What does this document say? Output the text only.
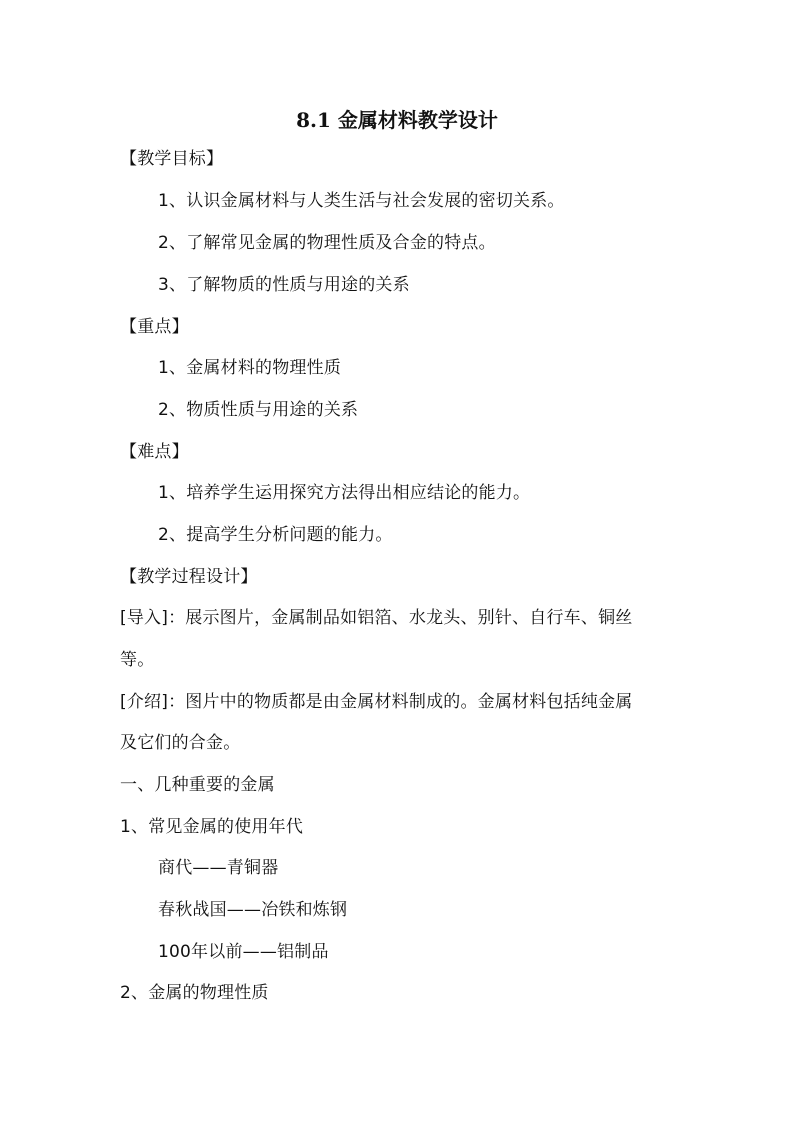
8.1 金属材料教学设计
【教学目标】
1、认识金属材料与人类生活与社会发展的密切关系。
2、了解常见金属的物理性质及合金的特点。
3、了解物质的性质与用途的关系
【重点】
1、金属材料的物理性质
2、物质性质与用途的关系
【难点】
1、培养学生运用探究方法得出相应结论的能力。
2、提高学生分析问题的能力。
【教学过程设计】
[导入]：展示图片，金属制品如铝箔、水龙头、别针、自行车、铜丝
等。
[介绍]：图片中的物质都是由金属材料制成的。金属材料包括纯金属
及它们的合金。
一、几种重要的金属
1、常见金属的使用年代
商代——青铜器
春秋战国——冶铁和炼钢
100年以前——铝制品
2、金属的物理性质
